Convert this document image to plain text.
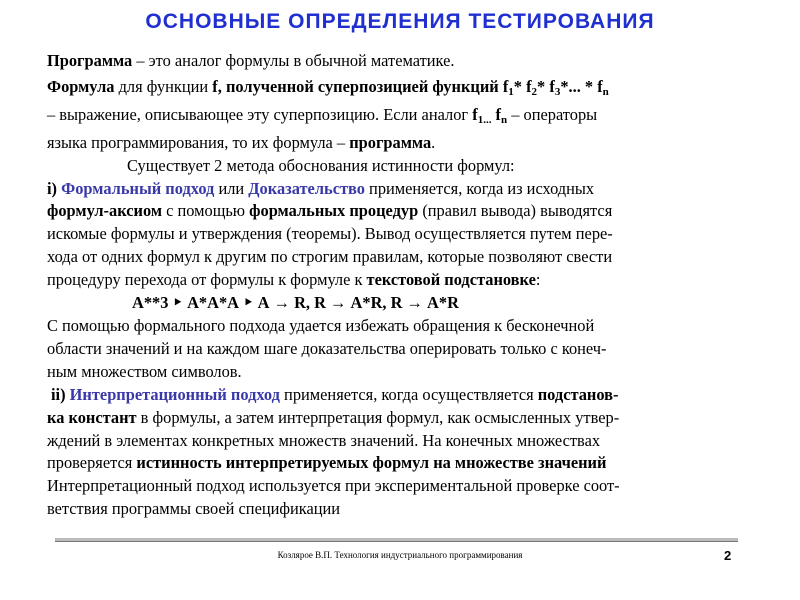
ОСНОВНЫЕ ОПРЕДЕЛЕНИЯ ТЕСТИРОВАНИЯ
Программа – это аналог формулы в обычной математике.
Формула для функции f, полученной суперпозицией функций $f_1*$ $f_2*$ $f_3*$... * $f_n$
– выражение, описывающее эту суперпозицию. Если аналог $f_{1...}$ $f_n$ – операторы
языка программирования, то их формула – программа.
Существует 2 метода обоснования истинности формул:
i) Формальный подход или Доказательство применяется, когда из исходных
формул-аксиом с помощью формальных процедур (правил вывода) выводятся
искомые формулы и утверждения (теоремы). Вывод осуществляется путем пере-
хода от одних формул к другим по строгим правилам, которые позволяют свести
процедуру перехода от формулы к формуле к текстовой подстановке:
А**3 ‣ А*А*А ‣ А → R, R → А*R, R → А*R
С помощью формального подхода удается избежать обращения к бесконечной
области значений и на каждом шаге доказательства оперировать только с конеч-
ным множеством символов.
ii) Интерпретационный подход применяется, когда осуществляется подстанов-
ка констант в формулы, а затем интерпретация формул, как осмысленных утвер-
ждений в элементах конкретных множеств значений. На конечных множествах
проверяется истинность интерпретируемых формул на множестве значений
Интерпретационный подход используется при экспериментальной проверке соот-
ветствия программы своей спецификации
Козлярое В.П. Технология индустриального программирования	2
